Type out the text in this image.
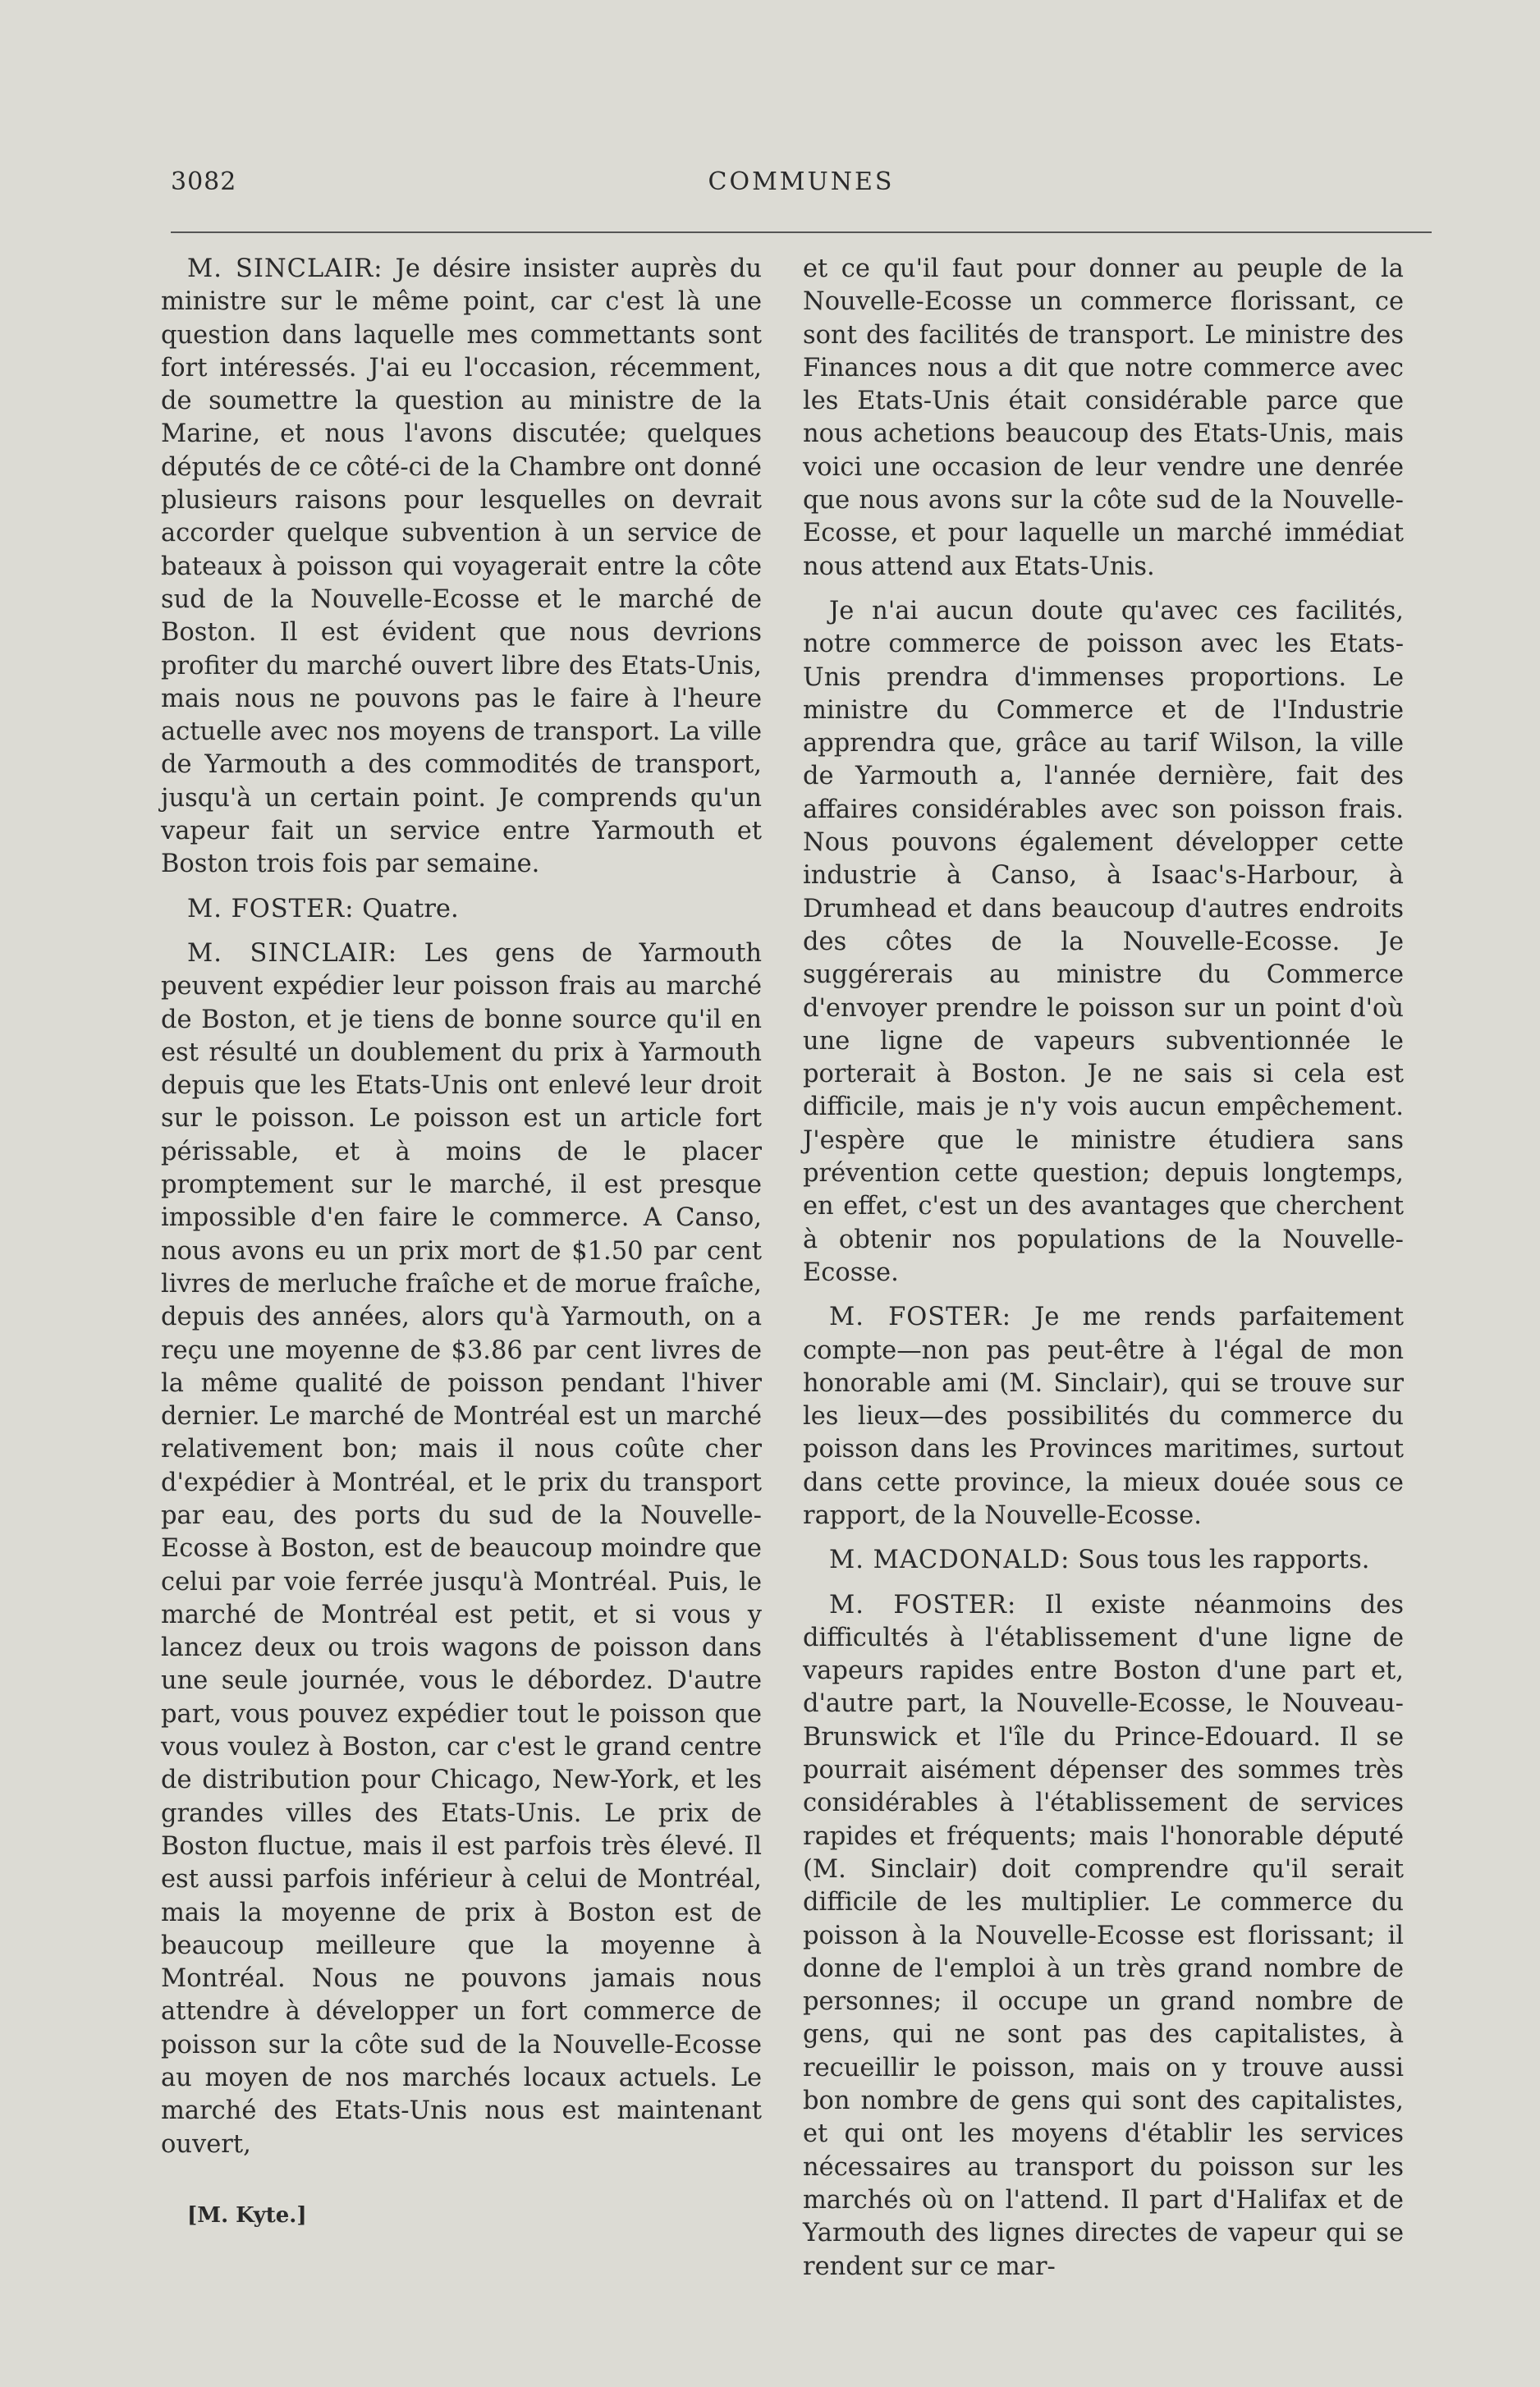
3082	COMMUNES

M. SINCLAIR: Je désire insister auprès du ministre sur le même point, car c'est là une question dans laquelle mes commettants sont fort intéressés. J'ai eu l'occasion, récemment, de soumettre la question au ministre de la Marine, et nous l'avons discutée; quelques députés de ce côté-ci de la Chambre ont donné plusieurs raisons pour lesquelles on devrait accorder quelque subvention à un service de bateaux à poisson qui voyagerait entre la côte sud de la Nouvelle-Ecosse et le marché de Boston. Il est évident que nous devrions profiter du marché ouvert libre des Etats-Unis, mais nous ne pouvons pas le faire à l'heure actuelle avec nos moyens de transport. La ville de Yarmouth a des commodités de transport, jusqu'à un certain point. Je comprends qu'un vapeur fait un service entre Yarmouth et Boston trois fois par semaine.

M. FOSTER: Quatre.

M. SINCLAIR: Les gens de Yarmouth peuvent expédier leur poisson frais au marché de Boston, et je tiens de bonne source qu'il en est résulté un doublement du prix à Yarmouth depuis que les Etats-Unis ont enlevé leur droit sur le poisson. Le poisson est un article fort périssable, et à moins de le placer promptement sur le marché, il est presque impossible d'en faire le commerce. A Canso, nous avons eu un prix mort de $1.50 par cent livres de merluche fraîche et de morue fraîche, depuis des années, alors qu'à Yarmouth, on a reçu une moyenne de $3.86 par cent livres de la même qualité de poisson pendant l'hiver dernier. Le marché de Montréal est un marché relativement bon; mais il nous coûte cher d'expédier à Montréal, et le prix du transport par eau, des ports du sud de la Nouvelle-Ecosse à Boston, est de beaucoup moindre que celui par voie ferrée jusqu'à Montréal. Puis, le marché de Montréal est petit, et si vous y lancez deux ou trois wagons de poisson dans une seule journée, vous le débordez. D'autre part, vous pouvez expédier tout le poisson que vous voulez à Boston, car c'est le grand centre de distribution pour Chicago, New-York, et les grandes villes des Etats-Unis. Le prix de Boston fluctue, mais il est parfois très élevé. Il est aussi parfois inférieur à celui de Montréal, mais la moyenne de prix à Boston est de beaucoup meilleure que la moyenne à Montréal. Nous ne pouvons jamais nous attendre à développer un fort commerce de poisson sur la côte sud de la Nouvelle-Ecosse au moyen de nos marchés locaux actuels. Le marché des Etats-Unis nous est maintenant ouvert,

et ce qu'il faut pour donner au peuple de la Nouvelle-Ecosse un commerce florissant, ce sont des facilités de transport. Le ministre des Finances nous a dit que notre commerce avec les Etats-Unis était considérable parce que nous achetions beaucoup des Etats-Unis, mais voici une occasion de leur vendre une denrée que nous avons sur la côte sud de la Nouvelle-Ecosse, et pour laquelle un marché immédiat nous attend aux Etats-Unis.

Je n'ai aucun doute qu'avec ces facilités, notre commerce de poisson avec les Etats-Unis prendra d'immenses proportions. Le ministre du Commerce et de l'Industrie apprendra que, grâce au tarif Wilson, la ville de Yarmouth a, l'année dernière, fait des affaires considérables avec son poisson frais. Nous pouvons également développer cette industrie à Canso, à Isaac's-Harbour, à Drumhead et dans beaucoup d'autres endroits des côtes de la Nouvelle-Ecosse. Je suggérerais au ministre du Commerce d'envoyer prendre le poisson sur un point d'où une ligne de vapeurs subventionnée le porterait à Boston. Je ne sais si cela est difficile, mais je n'y vois aucun empêchement. J'espère que le ministre étudiera sans prévention cette question; depuis longtemps, en effet, c'est un des avantages que cherchent à obtenir nos populations de la Nouvelle-Ecosse.

M. FOSTER: Je me rends parfaitement compte—non pas peut-être à l'égal de mon honorable ami (M. Sinclair), qui se trouve sur les lieux—des possibilités du commerce du poisson dans les Provinces maritimes, surtout dans cette province, la mieux douée sous ce rapport, de la Nouvelle-Ecosse.

M. MACDONALD: Sous tous les rapports.

M. FOSTER: Il existe néanmoins des difficultés à l'établissement d'une ligne de vapeurs rapides entre Boston d'une part et, d'autre part, la Nouvelle-Ecosse, le Nouveau-Brunswick et l'île du Prince-Edouard. Il se pourrait aisément dépenser des sommes très considérables à l'établissement de services rapides et fréquents; mais l'honorable député (M. Sinclair) doit comprendre qu'il serait difficile de les multiplier. Le commerce du poisson à la Nouvelle-Ecosse est florissant; il donne de l'emploi à un très grand nombre de personnes; il occupe un grand nombre de gens, qui ne sont pas des capitalistes, à recueillir le poisson, mais on y trouve aussi bon nombre de gens qui sont des capitalistes, et qui ont les moyens d'établir les services nécessaires au transport du poisson sur les marchés où on l'attend. Il part d'Halifax et de Yarmouth des lignes directes de vapeur qui se rendent sur ce mar-

[M. Kyte.]
